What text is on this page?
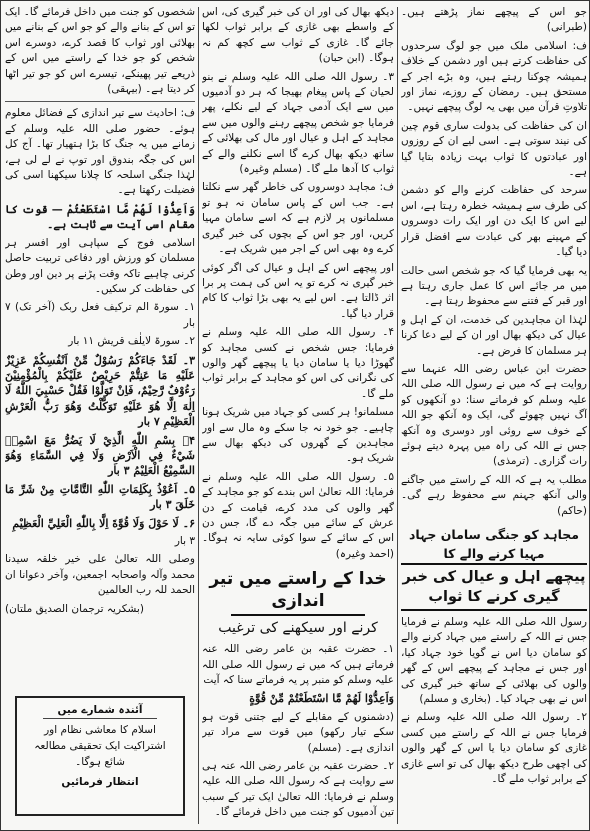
جو اس کے پیچھے نماز پڑھتے ہیں۔ (طبرانی)

ف: اسلامی ملک میں جو لوگ سرحدوں کی حفاظت کرتے ہیں اور دشمن کے خلاف ہمیشہ چوکنا رہتے ہیں، وہ بڑے اجر کے مستحق ہیں۔ رمضان کے روزے، نماز اور تلاوتِ قرآن میں بھی یہ لوگ پیچھے نہیں۔

ان کی حفاظت کی بدولت ساری قوم چین کی نیند سوتی ہے۔ اسی لیے ان کے روزوں اور عبادتوں کا ثواب بہت زیادہ بتایا گیا ہے۔

سرحد کی حفاظت کرنے والے کو دشمن کی طرف سے ہمیشہ خطرہ رہتا ہے، اس لیے اس کا ایک دن اور ایک رات دوسروں کے مہینے بھر کی عبادت سے افضل قرار دیا گیا۔

یہ بھی فرمایا گیا کہ جو شخص اسی حالت میں مر جائے اس کا عمل جاری رہتا ہے اور قبر کے فتنے سے محفوظ رہتا ہے۔

لہٰذا ان مجاہدین کی خدمت، ان کے اہل و عیال کی دیکھ بھال اور ان کے لیے دعا کرنا ہر مسلمان کا فرض ہے۔

حضرت ابن عباس رضی اللہ عنہما سے روایت ہے کہ میں نے رسول اللہ صلی اللہ علیہ وسلم کو فرماتے سنا: دو آنکھوں کو آگ نہیں چھوئے گی، ایک وہ آنکھ جو اللہ کے خوف سے روئی اور دوسری وہ آنکھ جس نے اللہ کی راہ میں پہرہ دیتے ہوئے رات گزاری۔ (ترمذی)

مطلب یہ ہے کہ اللہ کے راستے میں جاگنے والی آنکھ جہنم سے محفوظ رہے گی۔ (حاکم)

مجاہد کو جنگی سامان جہاد مہیا کرنے والے کا
پیچھے اہل و عیال کی خبر گیری کرنے کا ثواب

رسول اللہ صلی اللہ علیہ وسلم نے فرمایا جس نے اللہ کے راستے میں جہاد کرنے والے کو سامان دیا اس نے گویا خود جہاد کیا، اور جس نے مجاہد کے پیچھے اس کے گھر والوں کی بھلائی کے ساتھ خبر گیری کی اس نے بھی جہاد کیا۔ (بخاری و مسلم)

۲۔ رسول اللہ صلی اللہ علیہ وسلم نے فرمایا جس نے اللہ کے راستے میں کسی غازی کو سامان دیا یا اس کے گھر والوں کی اچھی طرح دیکھ بھال کی تو اسے غازی کے برابر ثواب ملے گا۔

دیکھ بھال کی اور ان کی خبر گیری کی، اس کے واسطے بھی غازی کے برابر ثواب لکھا جائے گا۔ غازی کے ثواب سے کچھ کم نہ ہوگا۔ (ابن حبان)

۳۔ رسول اللہ صلی اللہ علیہ وسلم نے بنو لحیان کے پاس پیغام بھیجا کہ ہر دو آدمیوں میں سے ایک آدمی جہاد کے لیے نکلے، پھر فرمایا جو شخص پیچھے رہنے والوں میں سے مجاہد کے اہل و عیال اور مال کی بھلائی کے ساتھ دیکھ بھال کرے گا اسے نکلنے والے کے ثواب کا آدھا ملے گا۔ (مسلم وغیرہ)

ف: مجاہد دوسروں کی خاطر گھر سے نکلتا ہے۔ جب اس کے پاس سامان نہ ہو تو مسلمانوں پر لازم ہے کہ اسے سامان مہیا کریں، اور جو اس کے بچوں کی خبر گیری کرے وہ بھی اس کے اجر میں شریک ہے۔

اور پیچھے اس کے اہل و عیال کی اگر کوئی خبر گیری نہ کرے تو یہ اس کی ہمت پر برا اثر ڈالتا ہے۔ اس لیے یہ بھی بڑا ثواب کا کام قرار دیا گیا۔

۴۔ رسول اللہ صلی اللہ علیہ وسلم نے فرمایا: جس شخص نے کسی مجاہد کو گھوڑا دیا یا سامان دیا یا پیچھے گھر والوں کی نگرانی کی اس کو مجاہد کے برابر ثواب ملے گا۔

مسلمانو! ہر کسی کو جہاد میں شریک ہونا چاہیے۔ جو خود نہ جا سکے وہ مال سے اور مجاہدین کے گھروں کی دیکھ بھال سے شریک ہو۔

۵۔ رسول اللہ صلی اللہ علیہ وسلم نے فرمایا: اللہ تعالیٰ اس بندے کو جو مجاہد کے گھر والوں کی مدد کرے، قیامت کے دن عرش کے سائے میں جگہ دے گا، جس دن اس کے سائے کے سوا کوئی سایہ نہ ہوگا۔ (احمد وغیرہ)

خدا کے راستے میں تیر اندازی
کرنے اور سیکھنے کی ترغیب

۱۔ حضرت عقبہ بن عامر رضی اللہ عنہ فرماتے ہیں کہ میں نے رسول اللہ صلی اللہ علیہ وسلم کو منبر پر یہ فرماتے سنا کہ آیت

وَاَعِدُّوْا لَهُمْ مَّا اسْتَطَعْتُمْ مِّنْ قُوَّةٍ

(دشمنوں کے مقابلے کے لیے جتنی قوت ہو سکے تیار رکھو) میں قوت سے مراد تیر اندازی ہے۔ (مسلم)

۲۔ حضرت عقبہ بن عامر رضی اللہ عنہ ہی سے روایت ہے کہ رسول اللہ صلی اللہ علیہ وسلم نے فرمایا: اللہ تعالیٰ ایک تیر کے سبب تین آدمیوں کو جنت میں داخل فرمائے گا۔

شخصوں کو جنت میں داخل فرمائے گا۔ ایک تو اس کے بنانے والے کو جو اس کے بنانے میں بھلائی اور ثواب کا قصد کرے، دوسرے اس شخص کو جو خدا کے راستے میں اس کے ذریعے تیر پھینکے، تیسرے اس کو جو تیر اٹھا کر دیتا ہے۔ (بیہقی)

ف: احادیث سے تیر اندازی کے فضائل معلوم ہوئے۔ حضور صلی اللہ علیہ وسلم کے زمانے میں یہ جنگ کا بڑا ہتھیار تھا۔ آج کل اس کی جگہ بندوق اور توپ نے لے لی ہے، لہٰذا جنگی اسلحہ کا چلانا سیکھنا اسی کی فضیلت رکھتا ہے۔

وَاَعِدُّوْا لَهُمْ مَّا اسْتَطَعْتُمْ — قوت کا مقام اسی آیت سے ثابت ہے۔

اسلامی فوج کے سپاہی اور افسر ہر مسلمان کو ورزش اور دفاعی تربیت حاصل کرنی چاہیے تاکہ وقت پڑنے پر دین اور وطن کی حفاظت کر سکیں۔

۱۔ سورۃ الم ترکیف فعل ربک (آخر تک) ۷ بار

۲۔ سورۃ لایلٰف قریش ۱۱ بار

۳۔ لَقَدْ جَاءَكُمْ رَسُوْلٌ مِّنْ اَنْفُسِكُمْ عَزِيْزٌ عَلَيْهِ مَا عَنِتُّمْ حَرِيْصٌ عَلَيْكُمْ بِالْمُؤْمِنِيْنَ رَءُوْفٌ رَّحِيْمٌ، فَاِنْ تَوَلَّوْا فَقُلْ حَسْبِيَ اللّٰهُ لَا اِلٰهَ اِلَّا هُوَ عَلَيْهِ تَوَكَّلْتُ وَهُوَ رَبُّ الْعَرْشِ الْعَظِيْمِ ۷ بار

۴۔ بِسْمِ اللّٰهِ الَّذِيْ لَا يَضُرُّ مَعَ اسْمِهٖ شَيْءٌ فِي الْاَرْضِ وَلَا فِي السَّمَاءِ وَهُوَ السَّمِيْعُ الْعَلِيْمُ ۳ بار

۵۔ اَعُوْذُ بِكَلِمَاتِ اللّٰهِ التَّامَّاتِ مِنْ شَرِّ مَا خَلَقَ ۳ بار

۶۔ لَا حَوْلَ وَلَا قُوَّةَ اِلَّا بِاللّٰهِ الْعَلِيِّ الْعَظِيْمِ

۳ بار

وصلی اللہ تعالیٰ علی خیر خلقہ سیدنا محمد وآلہ واصحابہ اجمعین، وآخر دعوانا ان الحمد للہ رب العالمین

(بشکریہ ترجمان الصدیق ملتان)

آئندہ شمارے میں
اسلام کا معاشی نظام اور اشتراکیت ایک تحقیقی مطالعہ شائع ہوگا۔
انتظار فرمائیں
